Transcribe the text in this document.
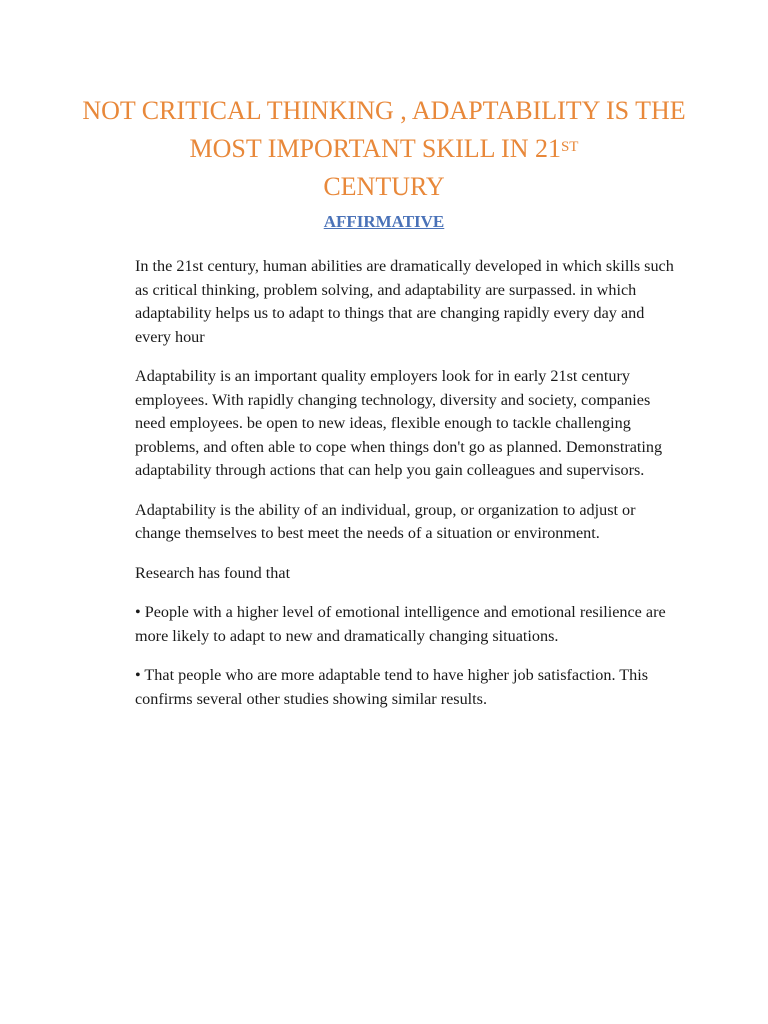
NOT CRITICAL THINKING , ADAPTABILITY IS THE MOST IMPORTANT SKILL IN 21ST
CENTURY
AFFIRMATIVE

In the 21st century, human abilities are dramatically developed in which skills such as critical thinking, problem solving, and adaptability are surpassed. in which adaptability helps us to adapt to things that are changing rapidly every day and every hour

Adaptability is an important quality employers look for in early 21st century employees. With rapidly changing technology, diversity and society, companies need employees. be open to new ideas, flexible enough to tackle challenging problems, and often able to cope when things don't go as planned. Demonstrating adaptability through actions that can help you gain colleagues and supervisors.

Adaptability is the ability of an individual, group, or organization to adjust or change themselves to best meet the needs of a situation or environment.

Research has found that

• People with a higher level of emotional intelligence and emotional resilience are more likely to adapt to new and dramatically changing situations.

• That people who are more adaptable tend to have higher job satisfaction. This confirms several other studies showing similar results.
